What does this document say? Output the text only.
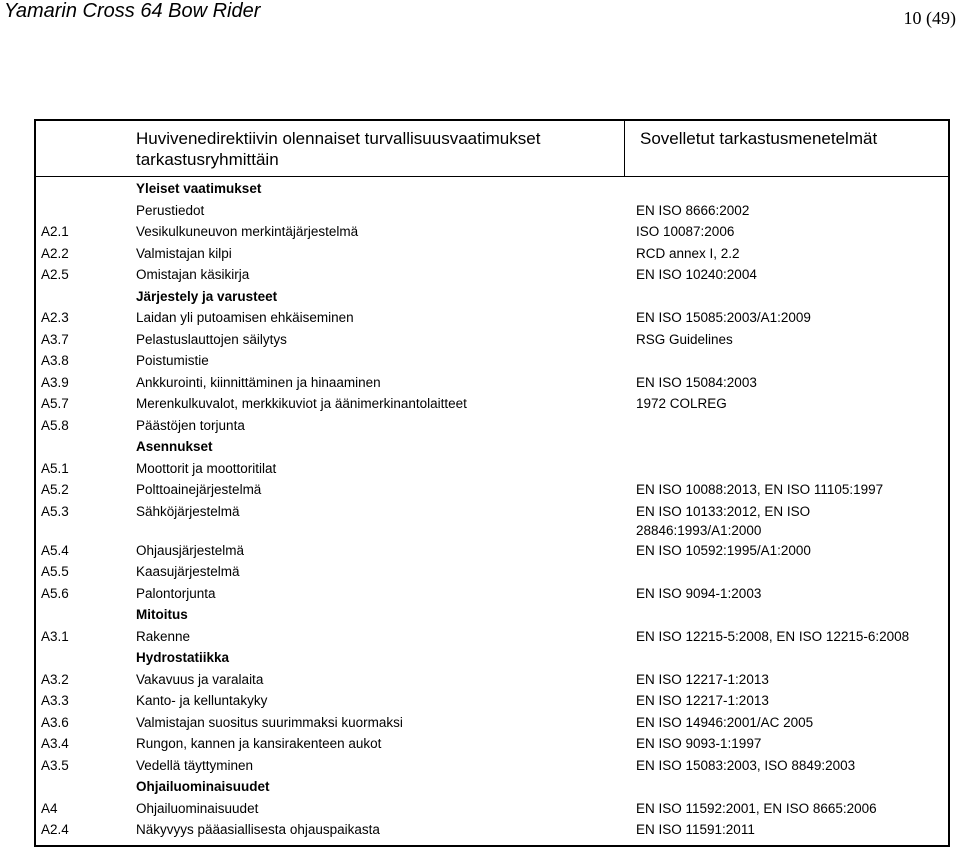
Yamarin Cross 64 Bow Rider	10 (49)
Huvivenedirektiivin olennaiset turvallisuusvaatimukset tarkastusryhmittäin
Sovelletut tarkastusmenetelmät
Yleiset vaatimukset
Perustiedot	EN ISO 8666:2002
A2.1	Vesikulkuneuvon merkintäjärjestelmä	ISO 10087:2006
A2.2	Valmistajan kilpi	RCD annex I, 2.2
A2.5	Omistajan käsikirja	EN ISO 10240:2004
Järjestely ja varusteet
A2.3	Laidan yli putoamisen ehkäiseminen	EN ISO 15085:2003/A1:2009
A3.7	Pelastuslauttojen säilytys	RSG Guidelines
A3.8	Poistumistie
A3.9	Ankkurointi, kiinnittäminen ja hinaaminen	EN ISO 15084:2003
A5.7	Merenkulkuvalot, merkkikuviot ja äänimerkinantolaitteet	1972 COLREG
A5.8	Päästöjen torjunta
Asennukset
A5.1	Moottorit ja moottoritilat
A5.2	Polttoainejärjestelmä	EN ISO 10088:2013, EN ISO 11105:1997
A5.3	Sähköjärjestelmä	EN ISO 10133:2012, EN ISO 28846:1993/A1:2000
A5.4	Ohjausjärjestelmä	EN ISO 10592:1995/A1:2000
A5.5	Kaasujärjestelmä
A5.6	Palontorjunta	EN ISO 9094-1:2003
Mitoitus
A3.1	Rakenne	EN ISO 12215-5:2008, EN ISO 12215-6:2008
Hydrostatiikka
A3.2	Vakavuus ja varalaita	EN ISO 12217-1:2013
A3.3	Kanto- ja kelluntakyky	EN ISO 12217-1:2013
A3.6	Valmistajan suositus suurimmaksi kuormaksi	EN ISO 14946:2001/AC 2005
A3.4	Rungon, kannen ja kansirakenteen aukot	EN ISO 9093-1:1997
A3.5	Vedellä täyttyminen	EN ISO 15083:2003, ISO 8849:2003
Ohjailuominaisuudet
A4	Ohjailuominaisuudet	EN ISO 11592:2001, EN ISO 8665:2006
A2.4	Näkyvyys pääasiallisesta ohjauspaikasta	EN ISO 11591:2011
